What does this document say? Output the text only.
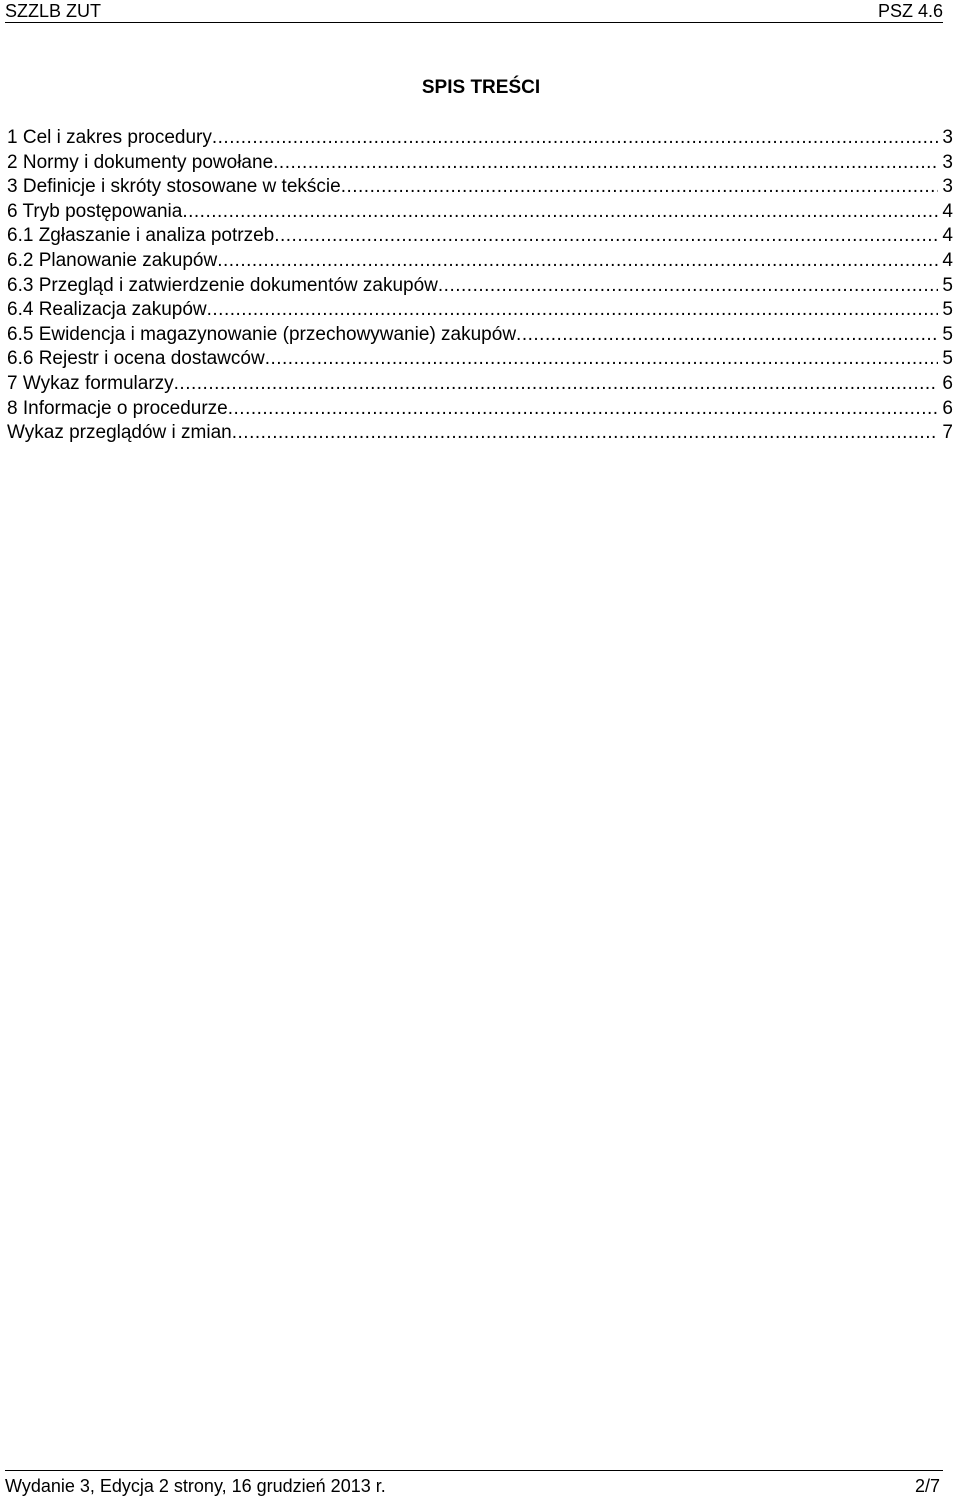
SZZLB ZUT	PSZ 4.6
SPIS TREŚCI
1 Cel i zakres procedury .....	3
2 Normy i dokumenty powołane .....	3
3 Definicje i skróty stosowane w tekście .....	3
6 Tryb postępowania .....	4
6.1 Zgłaszanie i analiza potrzeb .....	4
6.2 Planowanie zakupów .....	4
6.3 Przegląd i zatwierdzenie dokumentów zakupów .....	5
6.4 Realizacja zakupów .....	5
6.5 Ewidencja i magazynowanie (przechowywanie) zakupów .....	5
6.6 Rejestr i ocena dostawców .....	5
7 Wykaz formularzy .....	6
8 Informacje o procedurze .....	6
Wykaz przeglądów i zmian .....	7
Wydanie 3, Edycja 2 strony, 16 grudzień 2013 r.	2/7
